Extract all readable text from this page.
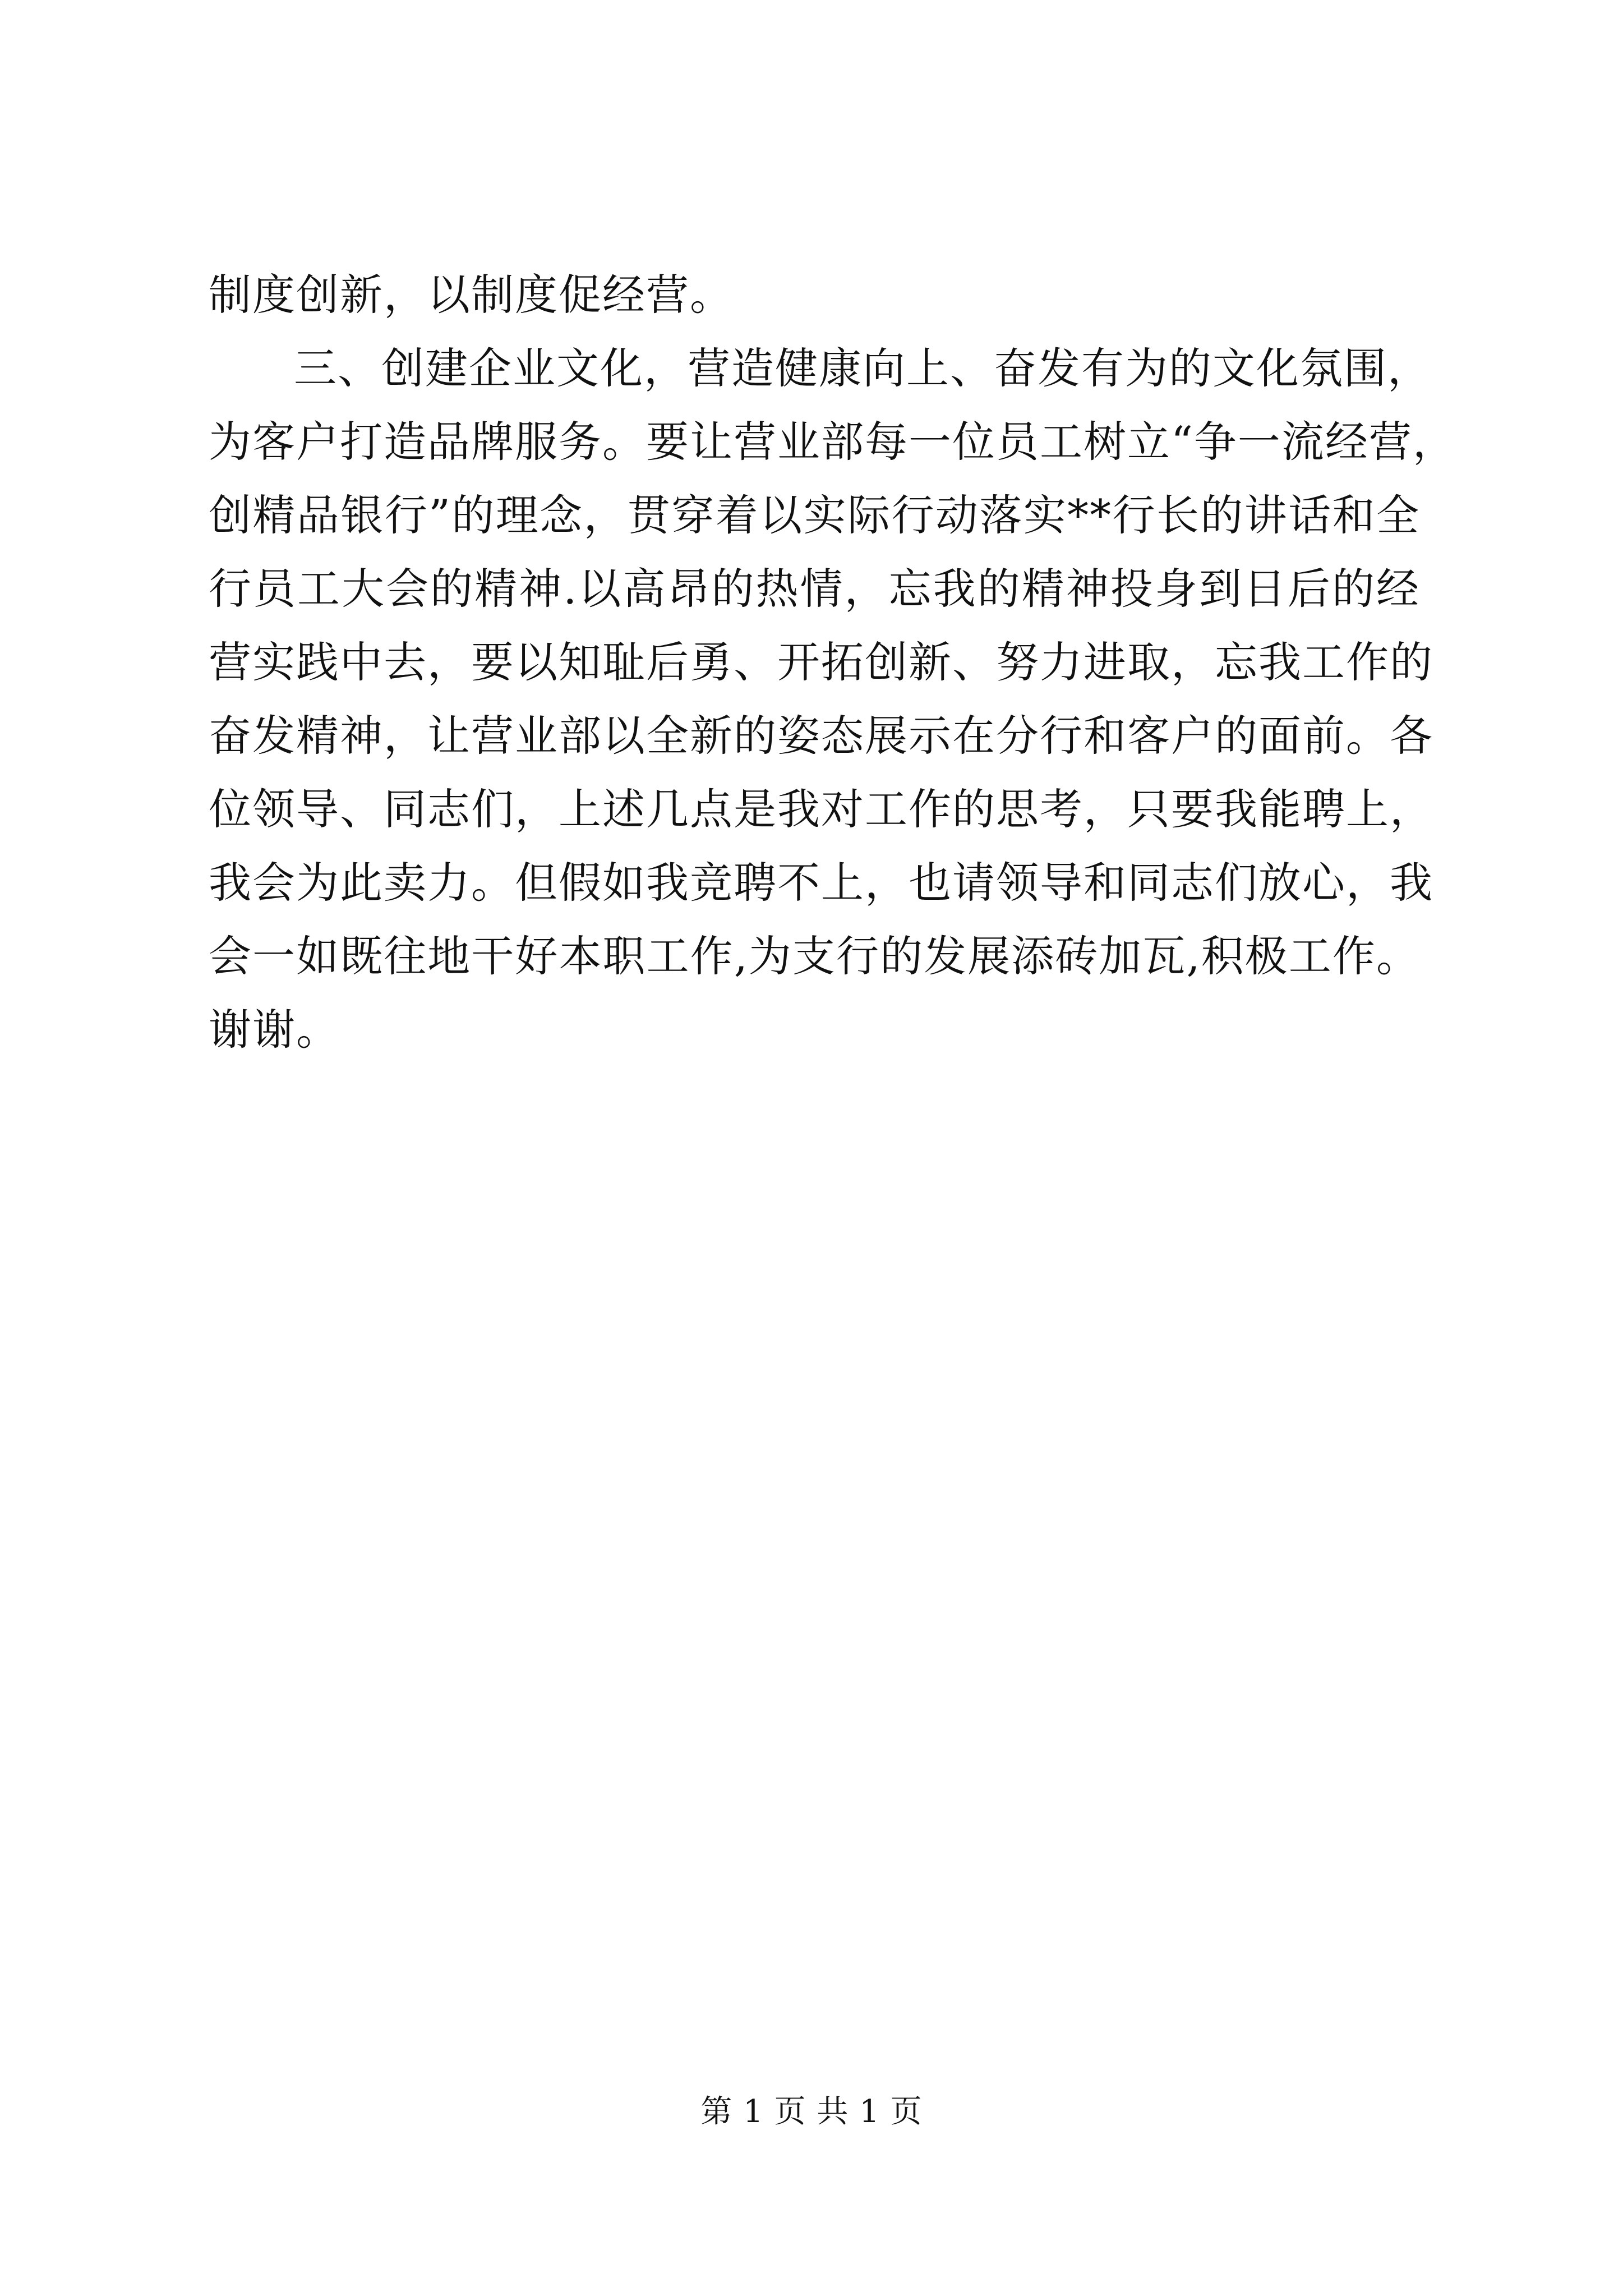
制度创新，以制度促经营。
三、创建企业文化，营造健康向上、奋发有为的文化氛围，
为客户打造品牌服务。要让营业部每一位员工树立“争一流经营，
创精品银行”的理念，贯穿着以实际行动落实**行长的讲话和全
行员工大会的精神.以高昂的热情，忘我的精神投身到日后的经
营实践中去，要以知耻后勇、开拓创新、努力进取，忘我工作的
奋发精神，让营业部以全新的姿态展示在分行和客户的面前。各
位领导、同志们，上述几点是我对工作的思考，只要我能聘上，
我会为此卖力。但假如我竞聘不上，也请领导和同志们放心，我
会一如既往地干好本职工作,为支行的发展添砖加瓦,积极工作。
谢谢。
第 1 页 共 1 页
